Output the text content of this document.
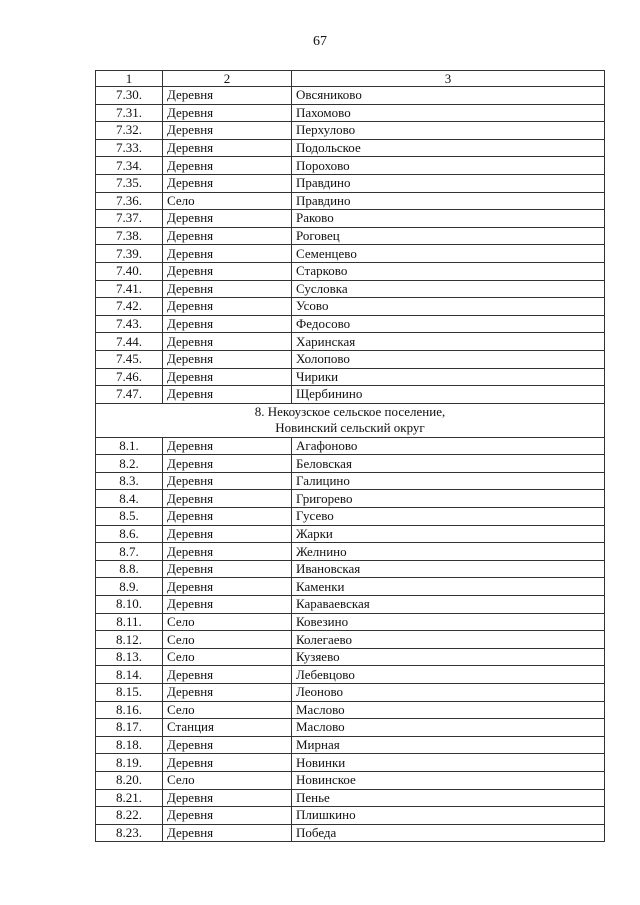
67
1	2	3
7.30.	Деревня	Овсяниково
7.31.	Деревня	Пахомово
7.32.	Деревня	Перхулово
7.33.	Деревня	Подольское
7.34.	Деревня	Порохово
7.35.	Деревня	Правдино
7.36.	Село	Правдино
7.37.	Деревня	Раково
7.38.	Деревня	Роговец
7.39.	Деревня	Семенцево
7.40.	Деревня	Старково
7.41.	Деревня	Сусловка
7.42.	Деревня	Усово
7.43.	Деревня	Федосово
7.44.	Деревня	Харинская
7.45.	Деревня	Холопово
7.46.	Деревня	Чирики
7.47.	Деревня	Щербинино

8. Некоузское сельское поселение,
Новинский сельский округ		

8.1.	Деревня	Агафоново
8.2.	Деревня	Беловская
8.3.	Деревня	Галицино
8.4.	Деревня	Григорево
8.5.	Деревня	Гусево
8.6.	Деревня	Жарки
8.7.	Деревня	Желнино
8.8.	Деревня	Ивановская
8.9.	Деревня	Каменки
8.10.	Деревня	Караваевская
8.11.	Село	Ковезино
8.12.	Село	Колегаево
8.13.	Село	Кузяево
8.14.	Деревня	Лебевцово
8.15.	Деревня	Леоново
8.16.	Село	Маслово
8.17.	Станция	Маслово
8.18.	Деревня	Мирная
8.19.	Деревня	Новинки
8.20.	Село	Новинское
8.21.	Деревня	Пенье
8.22.	Деревня	Плишкино
8.23.	Деревня	Победа
